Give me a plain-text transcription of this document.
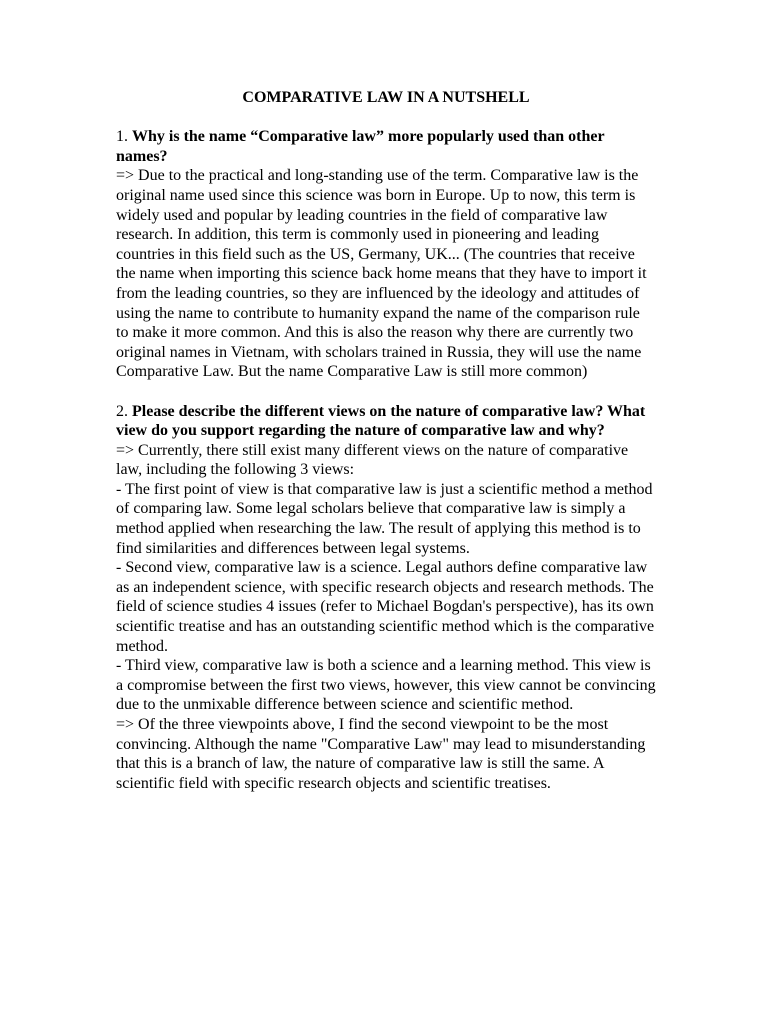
COMPARATIVE LAW IN A NUTSHELL

1. Why is the name “Comparative law” more popularly used than other names?

=> Due to the practical and long-standing use of the term. Comparative law is the original name used since this science was born in Europe. Up to now, this term is widely used and popular by leading countries in the field of comparative law research. In addition, this term is commonly used in pioneering and leading countries in this field such as the US, Germany, UK... (The countries that receive the name when importing this science back home means that they have to import it from the leading countries, so they are influenced by the ideology and attitudes of using the name to contribute to humanity expand the name of the comparison rule to make it more common. And this is also the reason why there are currently two original names in Vietnam, with scholars trained in Russia, they will use the name Comparative Law. But the name Comparative Law is still more common)

2. Please describe the different views on the nature of comparative law? What view do you support regarding the nature of comparative law and why?

=> Currently, there still exist many different views on the nature of comparative law, including the following 3 views:

- The first point of view is that comparative law is just a scientific method a method of comparing law. Some legal scholars believe that comparative law is simply a method applied when researching the law. The result of applying this method is to find similarities and differences between legal systems.

- Second view, comparative law is a science. Legal authors define comparative law as an independent science, with specific research objects and research methods. The field of science studies 4 issues (refer to Michael Bogdan's perspective), has its own scientific treatise and has an outstanding scientific method which is the comparative method.

- Third view, comparative law is both a science and a learning method. This view is a compromise between the first two views, however, this view cannot be convincing due to the unmixable difference between science and scientific method.

=> Of the three viewpoints above, I find the second viewpoint to be the most convincing. Although the name "Comparative Law" may lead to misunderstanding that this is a branch of law, the nature of comparative law is still the same. A scientific field with specific research objects and scientific treatises.
